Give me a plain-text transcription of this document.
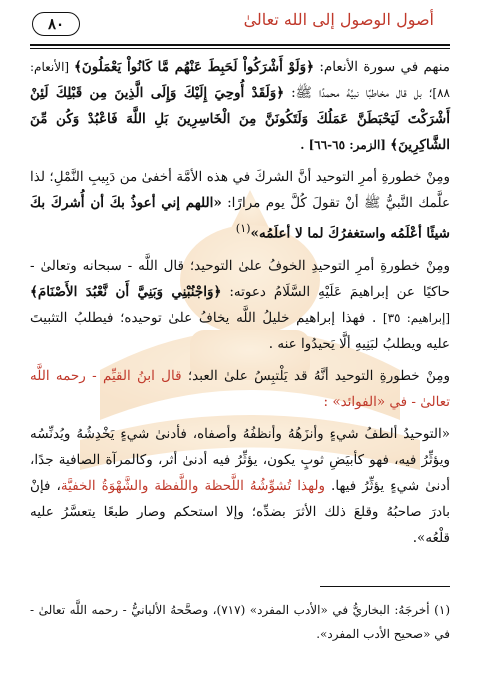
أصول الوصول إلى الله تعالىٰ
٨٠

منهم في سورة الأنعام: ﴿وَلَوْ أَشْرَكُواْ لَحَبِطَ عَنْهُم مَّا كَانُواْ يَعْمَلُونَ﴾ [الأنعام: ٨٨]؛ بل قال مخاطبًا نبيَّهُ محمدًا ﷺ: ﴿وَلَقَدْ أُوحِيَ إِلَيْكَ وَإِلَى الَّذِينَ مِن قَبْلِكَ لَئِنْ أَشْرَكْتَ لَيَحْبَطَنَّ عَمَلُكَ وَلَتَكُونَنَّ مِنَ الْخَاسِرِينَ بَلِ اللَّهَ فَاعْبُدْ وَكُن مِّنَ الشَّاكِرِينَ﴾ [الزمر: ٦٥-٦٦] .

ومِنْ خطورةِ أمرِ التوحيد أنَّ الشركَ في هذه الأمَّة أخفىٰ من دَبِيبِ النَّمْلِ؛ لذا علَّمك النَّبيُّ ﷺ أنْ تقولَ كُلَّ يوم مرارًا: «اللهم إني أعوذُ بكَ أن أُشركَ بكَ شيئًا أعْلَمُه واستغفرُكَ لما لا أعلَمُه»$^{(١)}$

ومِنْ خطورةِ أمرِ التوحيدِ الخوفُ علىٰ التوحيد؛ قال اللَّه - سبحانه وتعالىٰ - حاكيًا عن إبراهيمَ عَلَيْهِ السَّلَامُ دعوته: ﴿وَاجْنُبْنِي وَبَنِيَّ أَن نَّعْبُدَ الأَصْنَامَ﴾ [إبراهيم: ٣٥] . فهذا إبراهيم خليلُ اللَّه يخافُ علىٰ توحيده؛ فيطلبُ التثبيتَ عليه ويطلبُ لبَنِيهِ ألَّا يَحيدُوا عنه .

ومِنْ خطورةِ التوحيد أنَّهُ قد يَلْتبِسُ علىٰ العبد؛ قال ابنُ القيِّم - رحمه اللَّه تعالىٰ - في «الفوائد» :

«التوحيدُ ألطفُ شيءٍ وأنزَهُهُ وأنظفُهُ وأصفاه، فأدنىٰ شيءٍ يَخْدِشُهُ ويُدنِّسُه ويؤثِّرُ فيه، فهو كأبيَضِ ثوبٍ يكون، يؤثِّرُ فيه أدنىٰ أثر، وكالمرآة الصافية جدًا، أدنىٰ شيءٍ يؤثِّرُ فيها. ولهذا تُشوِّشُهُ اللَّحظة واللَّفظة والشَّهْوَةُ الخفيَّة، فإنْ بادرَ صاحبُهُ وقلعَ ذلك الأثرَ بضدِّه؛ وإلا استحكم وصار طبعًا يتعسَّرُ عليه قلْعُه».

(١) أخرجَهُ: البخاريُّ في «الأدب المفرد» (٧١٧)، وصحَّحهُ الألبانيُّ - رحمه اللَّه تعالىٰ - في «صحيح الأدب المفرد».
